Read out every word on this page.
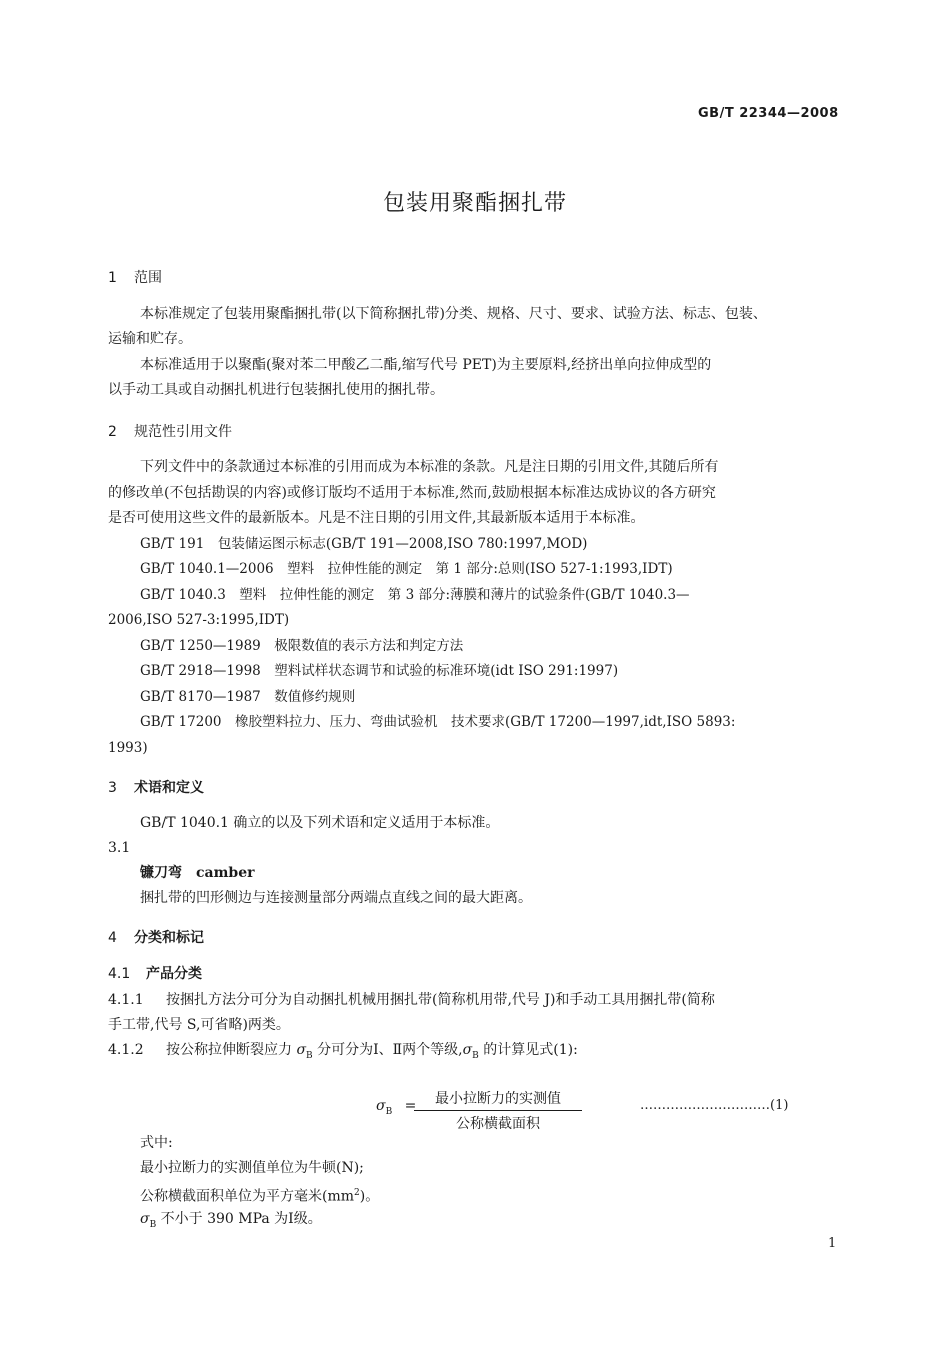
GB/T 22344—2008
包装用聚酯捆扎带
1 范围
本标准规定了包装用聚酯捆扎带(以下简称捆扎带)分类、规格、尺寸、要求、试验方法、标志、包装、
运输和贮存。
本标准适用于以聚酯(聚对苯二甲酸乙二酯,缩写代号 PET)为主要原料,经挤出单向拉伸成型的
以手动工具或自动捆扎机进行包装捆扎使用的捆扎带。
2 规范性引用文件
下列文件中的条款通过本标准的引用而成为本标准的条款。凡是注日期的引用文件,其随后所有
的修改单(不包括勘误的内容)或修订版均不适用于本标准,然而,鼓励根据本标准达成协议的各方研究
是否可使用这些文件的最新版本。凡是不注日期的引用文件,其最新版本适用于本标准。
GB/T 191　包装储运图示标志(GB/T 191—2008,ISO 780:1997,MOD)
GB/T 1040.1—2006　塑料　拉伸性能的测定　第 1 部分:总则(ISO 527-1:1993,IDT)
GB/T 1040.3　塑料　拉伸性能的测定　第 3 部分:薄膜和薄片的试验条件(GB/T 1040.3—
2006,ISO 527-3:1995,IDT)
GB/T 1250—1989　极限数值的表示方法和判定方法
GB/T 2918—1998　塑料试样状态调节和试验的标准环境(idt ISO 291:1997)
GB/T 8170—1987　数值修约规则
GB/T 17200　橡胶塑料拉力、压力、弯曲试验机　技术要求(GB/T 17200—1997,idt,ISO 5893:
1993)
3 术语和定义
GB/T 1040.1 确立的以及下列术语和定义适用于本标准。
3.1
镰刀弯　camber
捆扎带的凹形侧边与连接测量部分两端点直线之间的最大距离。
4 分类和标记
4.1 产品分类
4.1.1 按捆扎方法分可分为自动捆扎机械用捆扎带(简称机用带,代号 J)和手动工具用捆扎带(简称
手工带,代号 S,可省略)两类。
4.1.2 按公称拉伸断裂应力 $\sigma_B$ 分可分为Ⅰ、Ⅱ两个等级$,\sigma_B$ 的计算见式(1):
$\sigma_B$ =	最小拉断力的实测值
公称横截面积
…………………………(1)
式中:
最小拉断力的实测值单位为牛顿(N);
公称横截面积单位为平方毫米$(mm^2)$。
$\sigma_B$ 不小于 390 MPa 为Ⅰ级。
1
